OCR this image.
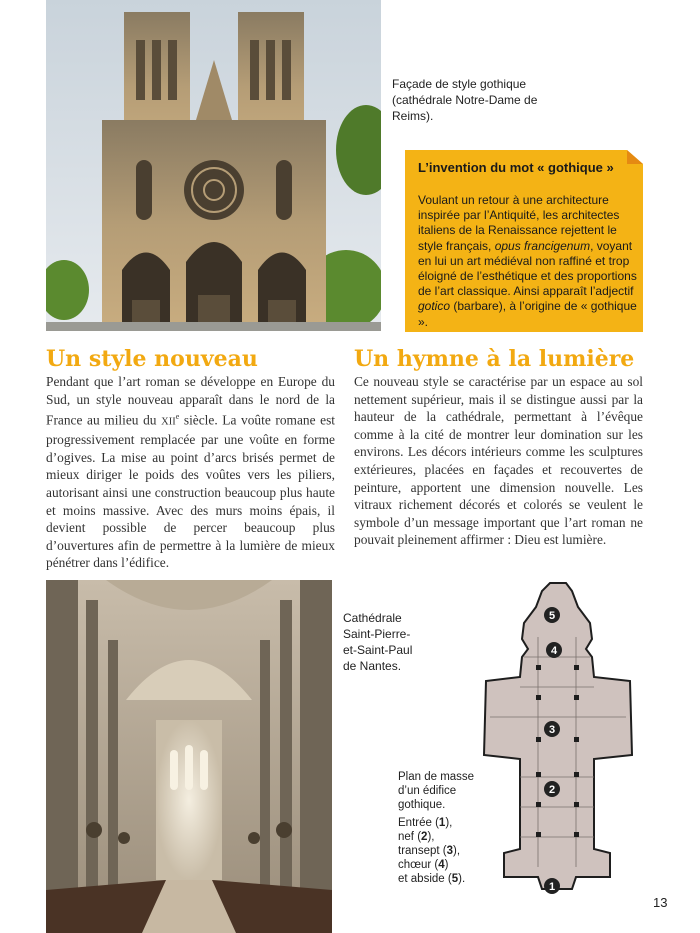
Façade de style gothique (cathédrale Notre-Dame de Reims).
L’invention du mot « gothique »
Voulant un retour à une architecture inspirée par l’Antiquité, les architectes italiens de la Renaissance rejettent le style français, opus francigenum, voyant en lui un art médiéval non raffiné et trop éloigné de l’esthétique et des proportions de l’art classique. Ainsi apparaît l’adjectif gotico (barbare), à l’origine de « gothique ».
Un style nouveau	Un hymne à la lumière
Pendant que l’art roman se développe en Europe du Sud, un style nouveau apparaît dans le nord de la France au milieu du XIIe siècle. La voûte romane est progressivement remplacée par une voûte en forme d’ogives. La mise au point d’arcs brisés permet de mieux diriger le poids des voûtes vers les piliers, autorisant ainsi une construction beaucoup plus haute et moins massive. Avec des murs moins épais, il devient possible de percer beaucoup plus d’ouvertures afin de permettre à la lumière de mieux pénétrer dans l’édifice.
Ce nouveau style se caractérise par un espace au sol nettement supérieur, mais il se distingue aussi par la hauteur de la cathédrale, permettant à l’évêque comme à la cité de montrer leur domination sur les environs. Les décors intérieurs comme les sculptures extérieures, placées en façades et recouvertes de peinture, apportent une dimension nouvelle. Les vitraux richement décorés et colorés se veulent le symbole d’un message important que l’art roman ne pouvait pleinement affirmer : Dieu est lumière.
Cathédrale Saint-Pierre-et-Saint-Paul de Nantes.
5
4
3
2
1
Plan de masse d’un édifice gothique.
Entrée (1),
nef (2),
transept (3),
chœur (4)
et abside (5).
13
